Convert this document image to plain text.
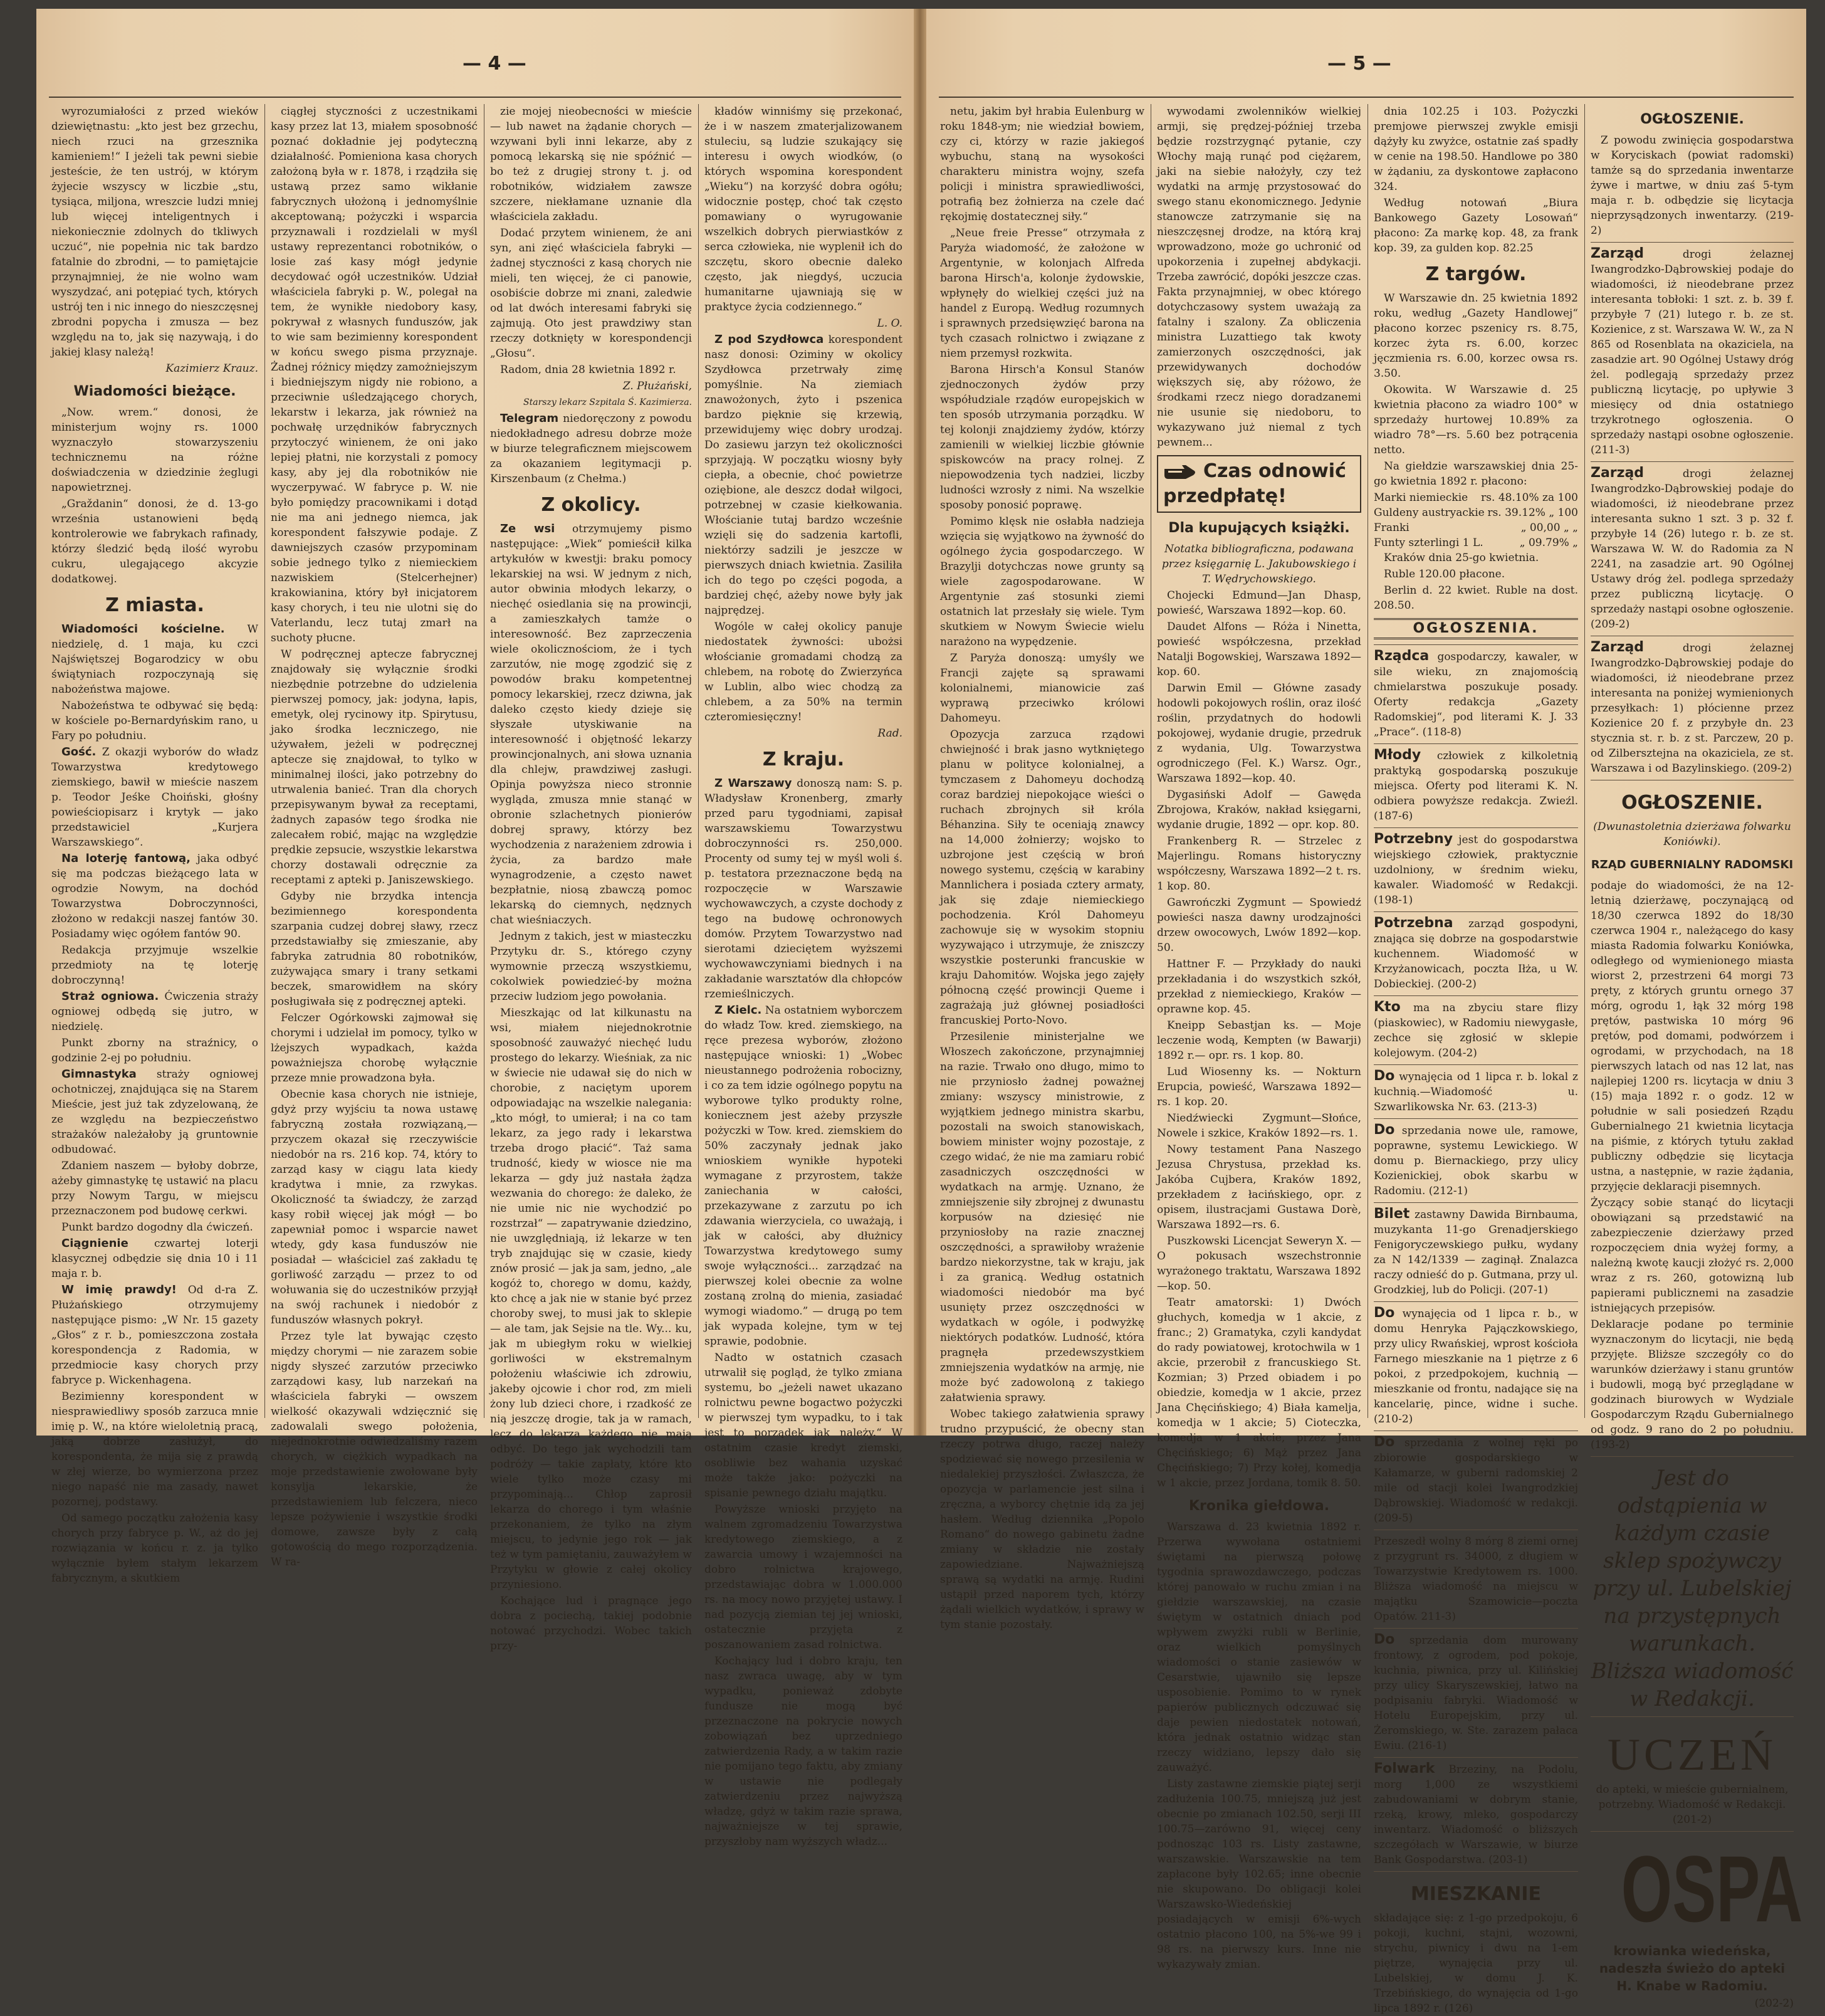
— 4 —

wyrozumiałości z przed wieków dziewiętnastu: „kto jest bez grzechu, niech rzuci na grzesznika kamieniem!“ I jeżeli tak pewni siebie jesteście, że ten ustrój, w którym żyjecie wszyscy w liczbie „stu, tysiąca, miljona, wreszcie ludzi mniej lub więcej inteligentnych i niekoniecznie zdolnych do tkliwych uczuć“, nie popełnia nic tak bardzo fatalnie do zbrodni, — to pamiętajcie przynajmniej, że nie wolno wam wyszydzać, ani potępiać tych, których ustrój ten i nic innego do nieszczęsnej zbrodni popycha i zmusza — bez względu na to, jak się nazywają, i do jakiej klasy należą!

Kazimierz Krauz.

Wiadomości bieżące.

„Now. wrem.“ donosi, że ministerjum wojny rs. 1000 wyznaczyło stowarzyszeniu technicznemu na różne doświadczenia w dziedzinie żeglugi napowietrznej.

„Graždanin“ donosi, że d. 13-go września ustanowieni będą kontrolerowie we fabrykach rafinady, którzy śledzić będą ilość wyrobu cukru, ulegającego akcyzie dodatkowej.

Z miasta.

Wiadomości kościelne. W niedzielę, d. 1 maja, ku czci Najświętszej Bogarodzicy w obu świątyniach rozpoczynają się nabożeństwa majowe.

Nabożeństwa te odbywać się będą: w kościele po-Bernardyńskim rano, u Fary po południu.

Gość. Z okazji wyborów do władz Towarzystwa kredytowego ziemskiego, bawił w mieście naszem p. Teodor Jeśke Choiński, głośny powieściopisarz i krytyk — jako przedstawiciel „Kurjera Warszawskiego“.

Na loterję fantową, jaka odbyć się ma podczas bieżącego lata w ogrodzie Nowym, na dochód Towarzystwa Dobroczynności, złożono w redakcji naszej fantów 30. Posiadamy więc ogółem fantów 90.

Redakcja przyjmuje wszelkie przedmioty na tę loterję dobroczynną!

Straż ogniowa. Ćwiczenia straży ogniowej odbędą się jutro, w niedzielę.

Punkt zborny na straźnicy, o godzinie 2-ej po południu.

Gimnastyka straży ogniowej ochotniczej, znajdująca się na Starem Mieście, jest już tak zdyzelowaną, że ze względu na bezpieczeństwo strażaków należałoby ją gruntownie odbudować.

Zdaniem naszem — byłoby dobrze, ażeby gimnastykę tę ustawić na placu przy Nowym Targu, w miejscu przeznaczonem pod budowę cerkwi.

Punkt bardzo dogodny dla ćwiczeń.

Ciągnienie czwartej loterji klasycznej odbędzie się dnia 10 i 11 maja r. b.

W imię prawdy! Od d-ra Z. Płużańskiego otrzymujemy następujące pismo: „W Nr. 15 gazety „Głos“ z r. b., pomieszczona została korespondencja z Radomia, w przedmiocie kasy chorych przy fabryce p. Wickenhagena.

Bezimienny korespondent w niesprawiedliwy sposób zarzuca mnie imię p. W., na które wieloletnią pracą, jaką dobrze zasłużył, do korespondenta, że mija się z prawdą w złej wierze, bo wymierzona przez niego napaść nie ma zasady, nawet pozornej, podstawy.

Od samego początku założenia kasy chorych przy fabryce p. W., aż do jej rozwiązania w końcu r. z. ja tylko wyłącznie byłem stałym lekarzem fabrycznym, a skutkiem

ciągłej styczności z uczestnikami kasy przez lat 13, miałem sposobność poznać dokładnie jej podyteczną działalność. Pomieniona kasa chorych założoną była w r. 1878, i rządziła się ustawą przez samo wikłanie fabrycznych ułożoną i jednomyślnie akceptowaną; pożyczki i wsparcia przyznawali i rozdzielali w myśl ustawy reprezentanci robotników, o losie zaś kasy mógł jedynie decydować ogół uczestników. Udział właściciela fabryki p. W., polegał na tem, że wynikłe niedobory kasy, pokrywał z własnych funduszów, jak to wie sam bezimienny korespondent w końcu swego pisma przyznaje. Żadnej różnicy między zamożniejszym i biedniejszym nigdy nie robiono, a przeciwnie uśledzającego chorych, lekarstw i lekarza, jak również na pochwałę urzędników fabrycznych przytoczyć winienem, że oni jako lepiej płatni, nie korzystali z pomocy kasy, aby jej dla robotników nie wyczerpywać. W fabryce p. W. nie było pomiędzy pracownikami i dotąd nie ma ani jednego niemca, jak korespondent fałszywie podaje. Z dawniejszych czasów przypominam sobie jednego tylko z niemieckiem nazwiskiem (Stelcerhejner) krakowianina, który był inicjatorem kasy chorych, i teu nie ulotni się do Vaterlandu, lecz tutaj zmarł na suchoty płucne.

W podręcznej aptecze fabrycznej znajdowały się wyłącznie środki niezbędnie potrzebne do udzielenia pierwszej pomocy, jak: jodyna, łapis, emetyk, olej rycinowy itp. Spirytusu, jako środka leczniczego, nie używałem, jeżeli w podręcznej aptecze się znajdował, to tylko w minimalnej ilości, jako potrzebny do utrwalenia banieć. Tran dla chorych przepisywanym bywał za receptami, żadnych zapasów tego środka nie zalecałem robić, mając na względzie prędkie zepsucie, wszystkie lekarstwa chorzy dostawali odręcznie za receptami z apteki p. Janiszewskiego.

Gdyby nie brzydka intencja bezimiennego korespondenta szarpania cudzej dobrej sławy, rzecz przedstawiałby się zmieszanie, aby fabryka zatrudnia 80 robotników, zużywająca smary i trany setkami beczek, smarowidłem na skóry posługiwała się z podręcznej apteki.

Felczer Ogórkowski zajmował się chorymi i udzielał im pomocy, tylko w lżejszych wypadkach, każda poważniejsza chorobę wyłącznie przeze mnie prowadzona była.

Obecnie kasa chorych nie istnieje, gdyż przy wyjściu ta nowa ustawę fabryczną została rozwiązaną,— przyczem okazał się rzeczywiście niedobór na rs. 216 kop. 74, który to zarząd kasy w ciągu lata kiedy kradytwa i mnie, za rzwykas. Okoliczność ta świadczy, że zarząd kasy robił więcej jak mógł — bo zapewniał pomoc i wsparcie nawet wtedy, gdy kasa funduszów nie posiadał — właściciel zaś zakładu tę gorliwość zarządu — przez to od wołuwania się do uczestników przyjął na swój rachunek i niedobór z funduszów własnych pokrył.

Przez tyle lat bywając często między chorymi — nie zarazem sobie nigdy słyszeć zarzutów przeciwko zarządowi kasy, lub narzekań na właściciela fabryki — owszem wielkość okazywali wdzięcznić się zadowalali swego położenia, niejednokrotnie odwiedzaliśmy razem chorych, w ciężkich wypadkach na moje przedstawienie zwołowane były konsylja lekarskie, że przedstawieniem lub felczera, nieco lepsze pożywienie i wszystkie środki domowe, zawsze były z całą gotowością do mego rozporządzenia. W ra-

zie mojej nieobecności w mieście — lub nawet na żądanie chorych — wzywani byli inni lekarze, aby z pomocą lekarską się nie spóźnić — bo też z drugiej strony t. j. od robotników, widziałem zawsze szczere, niekłamane uznanie dla właściciela zakładu.

Dodać przytem winienem, że ani syn, ani zięć właściciela fabryki — żadnej styczności z kasą chorych nie mieli, ten więcej, że ci panowie, osobiście dobrze mi znani, zaledwie od lat dwóch interesami fabryki się zajmują. Oto jest prawdziwy stan rzeczy dotknięty w korespondencji „Głosu“.

Radom, dnia 28 kwietnia 1892 r.

Z. Płużański,

Starszy lekarz Szpitala Ś. Kazimierza.

Telegram niedoręczony z powodu niedokładnego adresu dobrze może w biurze telegraficznem miejscowem za okazaniem legitymacji p. Kirszenbaum (z Chełma.)

Z okolicy.

Ze wsi otrzymujemy pismo następujące: „Wiek“ pomieścił kilka artykułów w kwestji: braku pomocy lekarskiej na wsi. W jednym z nich, autor obwinia młodych lekarzy, o niechęć osiedlania się na prowincji, a zamieszkałych tamże o interesowność. Bez zaprzeczenia wiele okolicznościom, że i tych zarzutów, nie mogę zgodzić się z powodów braku kompetentnej pomocy lekarskiej, rzecz dziwna, jak daleko często kiedy dzieje się słyszałe utyskiwanie na interesowność i objętność lekarzy prowincjonalnych, ani słowa uznania dla chlejw, prawdziwej zasługi. Opinja powyższa nieco stronnie wygląda, zmusza mnie stanąć w obronie szlachetnych pionierów dobrej sprawy, którzy bez wychodzenia z narażeniem zdrowia i życia, za bardzo małe wynagrodzenie, a często nawet bezpłatnie, niosą zbawczą pomoc lekarską do ciemnych, nędznych chat wieśniaczych.

Jednym z takich, jest w miasteczku Przytyku dr. S., którego czyny wymownie przeczą wszystkiemu, cokolwiek powiedzieć-by można przeciw ludziom jego powołania.

Mieszkając od lat kilkunastu na wsi, miałem niejednokrotnie sposobność zauważyć niechęć ludu prostego do lekarzy. Wieśniak, za nic w świecie nie udawał się do nich w chorobie, z naciętym uporem odpowiadając na wszelkie nalegania: „kto mógł, to umierał; i na co tam lekarz, za jego rady i lekarstwa trzeba drogo płacić“. Taż sama trudność, kiedy w wiosce nie ma lekarza — gdy już nastała żądza wezwania do chorego: że daleko, że nie umie nic nie wychodzić po rozstrzał“ — zapatrywanie dziedzino, nie uwzględniają, iż lekarze w ten tryb znajdując się w czasie, kiedy znów prosić — jak ja sam, jedno, „ale kogóż to, chorego w domu, każdy, kto chcę a jak nie w stanie być przez choroby swej, to musi jak to sklepie — ale tam, jak Sejsie na tle. Wy... ku, jak m ubiegłym roku w wielkiej gorliwości w ekstremalnym położeniu właściwie ich zdrowiu, jakeby ojcowie i chor rod, zm mieli żony lub dzieci chore, i rzadkość ze nią jeszczę drogie, tak ja w ramach, lecz do lekarza każdego nie mają odbyć. Do tego jak wychodzili tam podróży — takie zapłaty, które kto wiele tylko może czasy mi przypominają... Chłop zaprosił lekarza do chorego i tym właśnie przekonaniem, że tylko na złym miejscu, to jedynie jego rok — jak też w tym pamiętaniu, zauważyłem w Przytyku w głowie z całej okolicy przyniesiono.

Kochające lud i pragnące jego dobra z pociechą, takiej podobnie notować przychodzi. Wobec takich przy-

kładów winniśmy się przekonać, że i w naszem zmaterjalizowanem stuleciu, są ludzie szukający się interesu i owych wiodków, (o których wspomina korespondent „Wieku“) na korzyść dobra ogółu; widocznie postęp, choć tak często pomawiany o wyrugowanie wszelkich dobrych pierwiastków z serca człowieka, nie wyplenił ich do szczętu, skoro obecnie daleko często, jak niegdyś, uczucia humanitarne ujawniają się w praktyce życia codziennego.“

L. O.

Z pod Szydłowca korespondent nasz donosi: Oziminy w okolicy Szydłowca przetrwały zimę pomyślnie. Na ziemiach znawożonych, żyto i pszenica bardzo pięknie się krzewią, przewidujemy więc dobry urodzaj. Do zasiewu jarzyn też okoliczności sprzyjają. W początku wiosny były ciepła, a obecnie, choć powietrze oziębione, ale deszcz dodał wilgoci, potrzebnej w czasie kiełkowania. Włościanie tutaj bardzo wcześnie wzięli się do sadzenia kartofli, niektórzy sadzili je jeszcze w pierwszych dniach kwietnia. Zasiliła ich do tego po części pogoda, a bardziej chęć, ażeby nowe były jak najprędzej.

Wogóle w całej okolicy panuje niedostatek żywności: ubożsi włościanie gromadami chodzą za chlebem, na robotę do Zwierzyńca w Lublin, albo wiec chodzą za chlebem, a za 50% na termin czteromiesięczny!

Rad.

Z kraju.

Z Warszawy donoszą nam: S. p. Władysław Kronenberg, zmarły przed paru tygodniami, zapisał warszawskiemu Towarzystwu dobroczynności rs. 250,000. Procenty od sumy tej w myśl woli ś. p. testatora przeznaczone będą na rozpoczęcie w Warszawie wychowawczych, a czyste dochody z tego na budowę ochronowych domów. Przytem Towarzystwo nad sierotami dzieciętem wyższemi wychowawczyniami biednych i na zakładanie warsztatów dla chłopców rzemieślniczych.

Z Kielc. Na ostatniem wyborczem do władz Tow. kred. ziemskiego, na ręce prezesa wyborów, złożono następujące wnioski: 1) „Wobec nieustannego podrożenia robocizny, i co za tem idzie ogólnego popytu na wyborowe tylko produkty rolne, koniecznem jest ażeby przyszłe pożyczki w Tow. kred. ziemskiem do 50% zaczynały jednak jako wnioskiem wynikłe hypoteki wymagane z przyrostem, także zaniechania w całości, przekazywane z zarzutu po ich zdawania wierzyciela, co uważają, i jak w całości, aby dłużnicy Towarzystwa kredytowego sumy swoje wyłączności... zarządzać na pierwszej kolei obecnie za wolne zostaną zrolną do mienia, zasiadać wymogi wiadomo.” — drugą po tem jak wypada kolejne, tym w tej sprawie, podobnie.

Nadto w ostatnich czasach utrwalił się pogląd, że tylko zmiana systemu, bo „jeżeli nawet ukazano rolnictwu pewne bogactwo pożyczki w pierwszej tym wypadku, to i tak jest to porządek jak należy.“ W ostatnim czasie kredyt ziemski, osobliwie bez wahania uzyskać może także jako: pożyczki na spisanie pewnego działu majątku.

Powyższe wnioski przyjęto na walnem zgromadzeniu Towarzystwa kredytowego ziemskiego, a z zawarcia umowy i wzajemności na dobro rolnictwa krajowego, przedstawiając dobra w 1.000.000 rs. na mocy nowo przyjętej ustawy. I nad pozycją ziemian tej jej wnioski, ostatecznie przyjęta z poszanowaniem zasad rolnictwa.

Kochający lud i dobro kraju, ten nasz zwraca uwagę, aby w tym wypadku, ponieważ zdobyte fundusze nie mogą być przeznaczone na pokrycie nowych zobowiązań bez uprzedniego zatwierdzenia Rady, a w takim razie nie pomijano tego faktu, aby zmiany w ustawie nie podlegały zatwierdzeniu przez najwyższą władzę, gdyż w takim razie sprawa, najważniejsze w tej sprawie, przyszłoby nam wyższych władz...

— 5 —

netu, jakim był hrabia Eulenburg w roku 1848-ym; nie wiedział bowiem, czy ci, którzy w razie jakiegoś wybuchu, staną na wysokości charakteru ministra wojny, szefa policji i ministra sprawiedliwości, potrafią bez żołnierza na czele dać rękojmię dostatecznej siły.“

„Neue freie Presse“ otrzymała z Paryża wiadomość, że założone w Argentynie, w kolonjach Alfreda barona Hirsch'a, kolonje żydowskie, wpłynęły do wielkiej części już na handel z Europą. Według rozumnych i sprawnych przedsięwzięć barona na tych czasach rolnictwo i związane z niem przemysł rozkwita.

Barona Hirsch'a Konsul Stanów zjednoczonych żydów przy współudziale rządów europejskich w ten sposób utrzymania porządku. W tej kolonji znajdziemy żydów, którzy zamienili w wielkiej liczbie głównie spiskowców na pracy rolnej. Z niepowodzenia tych nadziei, liczby ludności wzrosły z nimi. Na wszelkie sposoby ponosić poprawę.

Pomimo klęsk nie osłabła nadzieja wzięcia się wyjątkowo na żywność do ogólnego życia gospodarczego. W Brazylji dotychczas nowe grunty są wiele zagospodarowane. W Argentynie zaś stosunki ziemi ostatnich lat przesłały się wiele. Tym skutkiem w Nowym Świecie wielu narażono na wypędzenie.

Z Paryża donoszą: umyśly we Francji zajęte są sprawami kolonialnemi, mianowicie zaś wyprawą przeciwko królowi Dahomeyu.

Opozycja zarzuca rządowi chwiejność i brak jasno wytkniętego planu w polityce kolonialnej, a tymczasem z Dahomeyu dochodzą coraz bardziej niepokojące wieści o ruchach zbrojnych sił króla Béhanzina. Siły te oceniają znawcy na 14,000 żołnierzy; wojsko to uzbrojone jest częścią w broń nowego systemu, częścią w karabiny Mannlichera i posiada cztery armaty, jak się zdaje niemieckiego pochodzenia. Król Dahomeyu zachowuje się w wysokim stopniu wyzywająco i utrzymuje, że zniszczy wszystkie posterunki francuskie w kraju Dahomitów. Wojska jego zajęły północną część prowincji Queme i zagrażają już głównej posiadłości francuskiej Porto-Novo.

Przesilenie ministerjalne we Włoszech zakończone, przynajmniej na razie. Trwało ono długo, mimo to nie przyniosło żadnej poważnej zmiany: wszyscy ministrowie, z wyjątkiem jednego ministra skarbu, pozostali na swoich stanowiskach, bowiem minister wojny pozostaje, z czego widać, że nie ma zamiaru robić zasadniczych oszczędności w wydatkach na armję. Uznano, że zmniejszenie siły zbrojnej z dwunastu korpusów na dziesięć nie przyniosłoby na razie znacznej oszczędności, a sprawiłoby wrażenie bardzo niekorzystne, tak w kraju, jak i za granicą. Według ostatnich wiadomości niedobór ma być usunięty przez oszczędności w wydatkach w ogóle, i podwyżkę niektórych podatków. Ludność, która pragnęła przedewszystkiem zmniejszenia wydatków na armję, nie może być zadowoloną z takiego załatwienia sprawy.

Wobec takiego załatwienia sprawy trudno przypuścić, że obecny stan rzeczy potrwa długo, raczej należy spodziewać się nowego przesilenia w niedalekiej przyszłości. Zwłaszcza, że opozycja w parlamencie jest silna i zręczna, a wyborcy chętnie idą za jej hasłem. Według dziennika „Popolo Romano“ do nowego gabinetu żadne zmiany w składzie nie zostały zapowiedziane. Najważniejszą sprawą są wydatki na armję. Rudini ustąpił przed naporem tych, którzy żądali wielkich wydatków, i sprawy w tym stanie pozostały.

wywodami zwolenników wielkiej armji, się prędzej-później trzeba będzie rozstrzygnąć pytanie, czy Włochy mają runąć pod ciężarem, jaki na siebie nałożyły, czy też wydatki na armję przystosować do swego stanu ekonomicznego. Jedynie stanowcze zatrzymanie się na nieszczęsnej drodze, na którą kraj wprowadzono, może go uchronić od upokorzenia i zupełnej abdykacji. Trzeba zawrócić, dopóki jeszcze czas. Fakta przynajmniej, w obec którego dotychczasowy system uważają za fatalny i szalony. Za obliczenia ministra Luzattiego tak kwoty zamierzonych oszczędności, jak przewidywanych dochodów większych się, aby różowo, że środkami rzecz niego doradzanemi nie usunie się niedoboru, to wykazywano już niemal z tych pewnem...

Czas odnowić przedpłatę!
Dla kupujących książki.

Notatka bibliograficzna, podawana przez księgarnię L. Jakubowskiego i T. Wędrychowskiego.

Chojecki Edmund—Jan Dhasp, powieść, Warszawa 1892—kop. 60.

Daudet Alfons — Róża i Ninetta, powieść współczesna, przekład Natalji Bogowskiej, Warszawa 1892—kop. 60.

Darwin Emil — Główne zasady hodowli pokojowych roślin, oraz ilość roślin, przydatnych do hodowli pokojowej, wydanie drugie, przedruk z wydania, Ulg. Towarzystwa ogrodniczego (Fel. K.) Warsz. Ogr., Warszawa 1892—kop. 40.

Dygasiński Adolf — Gawęda Zbrojowa, Kraków, nakład księgarni, wydanie drugie, 1892 — opr. kop. 80.

Frankenberg R. — Strzelec z Majerlingu. Romans historyczny współczesny, Warszawa 1892—2 t. rs. 1 kop. 80.

Gawrończki Zygmunt — Spowiedź powieści nasza dawny urodzajności drzew owocowych, Lwów 1892—kop. 50.

Hattner F. — Przykłady do nauki przekładania i do wszystkich szkół, przekład z niemieckiego, Kraków — oprawne kop. 45.

Kneipp Sebastjan ks. — Moje leczenie wodą, Kempten (w Bawarji) 1892 r.— opr. rs. 1 kop. 80.

Lud Wiosenny ks. — Nokturn Erupcia, powieść, Warszawa 1892—rs. 1 kop. 20.

Niedźwiecki Zygmunt—Słońce, Nowele i szkice, Kraków 1892—rs. 1.

Nowy testament Pana Naszego Jezusa Chrystusa, przekład ks. Jakóba Cujbera, Kraków 1892, przekładem z łacińskiego, opr. z opisem, ilustracjami Gustawa Dorè, Warszawa 1892—rs. 6.

Puszkowski Licencjat Seweryn X. — O pokusach wszechstronnie wyrażonego traktatu, Warszawa 1892—kop. 50.

Teatr amatorski: 1) Dwóch głuchych, komedja w 1 akcie, z franc.; 2) Gramatyka, czyli kandydat do rady powiatowej, krotochwila w 1 akcie, przerobił z francuskiego St. Kozmian; 3) Przed obiadem i po obiedzie, komedja w 1 akcie, przez Jana Chęcińskiego; 4) Biała kamelja, komedja w 1 akcie; 5) Cioteczka, komedja w 1 akcie, przez Jana Chęcińskiego; 6) Mąż przez Jana Chęcińskiego; 7) Przy kołej, komedja w 1 akcie, przez Jordana, tomik 8. 50.

Kronika giełdowa.

Warszawa d. 23 kwietnia 1892 r. Przerwa wywołana ostatniemi świętami na pierwszą połowę tygodnia sprawozdawczego, podczas której panowało w ruchu zmian i na giełdzie warszawskiej, na czasie świętym w ostatnich dniach pod wpływem zwyżki rubli w Berlinie, oraz wielkich pomyślnych wiadomości o stanie zasiewów w Cesarstwie, ujawniło się lepsze usposobienie. Pomimo to w rynek papierów publicznych odczuwać się daje pewien niedostatek notowań, która jednak ostatnio widząc stan rzeczy widziano, lepszy dało się zauważyć.

Listy zastawne ziemskie piątej serji zadłużenia 100.75, mniejszą już jest obecnie po zmianach 102.50, serji III 100.75—zarówno 91, więcej ceny podnosząc 103 rs. Listy zastawne, warszawskie. Warszawskie na tem zapłacone były 102.65; inne obecnie nie skupowano. Do obligacji kolei Warszawsko-Wiedeńskiej posiadających w emisji 6%-wych ostatnio płacono 100, na 5%-we 99 i 98 rs. na pierwszy kurs. Inne nie wykazywały zmian.

dnia 102.25 i 103. Pożyczki premjowe pierwszej zwykle emisji dążyły ku zwyżce, ostatnie zaś spadły w cenie na 198.50. Handlowe po 380 w żądaniu, za dyskontowe zapłacono 324.

Według notowań „Biura Bankowego Gazety Losowań“ płacono: Za markę kop. 48, za frank kop. 39, za gulden kop. 82.25

Z targów.

W Warszawie dn. 25 kwietnia 1892 roku, według „Gazety Handlowej“ płacono korzec pszenicy rs. 8.75, korzec żyta rs. 6.00, korzec jęczmienia rs. 6.00, korzec owsa rs. 3.50.

Okowita. W Warszawie d. 25 kwietnia płacono za wiadro 100° w sprzedaży hurtowej 10.89% za wiadro 78°—rs. 5.60 bez potrącenia netto.

Na giełdzie warszawskiej dnia 25-go kwietnia 1892 r. płacono:

Marki niemieckie rs. 48.10% za 100
Guldeny austryackie rs. 39.12% „ 100
Franki	„ 00,00 „ „
Funty szterlingi 1 L.	„ 09.79% „

Kraków dnia 25-go kwietnia.

Ruble 120.00 płacone.

Berlin d. 22 kwiet. Ruble na dost. 208.50.

OGŁOSZENIA.

Rządca gospodarczy, kawaler, w sile wieku, zn znajomością chmielarstwa poszukuje posady. Oferty redakcja „Gazety Radomskiej“, pod literami K. J. 33 „Prace“. (118-8)

Młody człowiek z kilkoletnią praktyką gospodarską poszukuje miejsca. Oferty pod literami K. N. odbiera powyższe redakcja. Zwieźl. (187-6)

Potrzebny jest do gospodarstwa wiejskiego człowiek, praktycznie uzdolniony, w średnim wieku, kawaler. Wiadomość w Redakcji. (198-1)

Potrzebna zarząd gospodyni, znająca się dobrze na gospodarstwie kuchennem. Wiadomość w Krzyżanowicach, poczta Iłża, u W. Dobieckiej. (200-2)

Kto ma na zbyciu stare flizy (piaskowiec), w Radomiu niewygasłe, zechce się zgłosić w sklepie kolejowym. (204-2)

Do wynajęcia od 1 lipca r. b. lokal z kuchnią.—Wiadomość u. Szwarlikowska Nr. 63. (213-3)

Do sprzedania nowe ule, ramowe, poprawne, systemu Lewickiego. W domu p. Biernackiego, przy ulicy Kozienickiej, obok skarbu w Radomiu. (212-1)

Bilet zastawny Dawida Birnbauma, muzykanta 11-go Grenadjerskiego Fenigoryczewskiego pułku, wydany za N 142/1339 — zaginął. Znalazca raczy odnieść do p. Gutmana, przy ul. Grodzkiej, lub do Policji. (207-1)

Do wynajęcia od 1 lipca r. b., w domu Henryka Pajączkowskiego, przy ulicy Rwańskiej, wprost kościoła Farnego mieszkanie na 1 piętrze z 6 pokoi, z przedpokojem, kuchnią — mieszkanie od frontu, nadające się na kancelarię, pince, widne i suche. (210-2)

Do sprzedania z wolnej ręki po zbiorowie gospodarskiego w Kałamarze, w guberni radomskiej 2 mile od stacji kolei Iwangrodzkiej Dąbrowskiej. Wiadomość w redakcji. (209-5)

Przeszedł wolny 8 mórg 8 ziemi ornej z przygrunt rs. 34000, z długiem w Towarzystwie Kredytowem rs. 1000. Bliższa wiadomość na miejscu w majątku Szamowicie—poczta Opatów. 211-3)

Do sprzedania dom murowany frontowy, z ogrodem, pod pokoje, kuchnia, piwnica, przy ul. Kilińskiej przy ulicy Skaryszewskiej, łatwo na podpisaniu fabryki. Wiadomość w Hotelu Europejskim, przy ul. Żeromskiego, w. Ste. zarazem pałaca Ewiu. (216-1)

Folwark Brzeziny, na Podolu, morg 1,000 ze wszystkiemi zabudowaniami w dobrym stanie, rzeką, krowy, mleko, gospodarczy inwentarz. Wiadomość o bliższych szczegółach w Warszawie, w biurze Bank Gospodarstwa. (203-1)

MIESZKANIE

składające się: z 1-go przedpokoju, 6 pokoji, kuchni, stajni, wozowni, strychu, piwnicy i dwu na 1-em piętrze, wynajęcia przy ul. Lubelskiej, w domu J. K. Trzebińskiego, do wynajęcia od 1-go lipca 1892 r. (126)

OGŁOSZENIE.

Z powodu zwinięcia gospodarstwa w Koryciskach (powiat radomski) tamże są do sprzedania inwentarze żywe i martwe, w dniu zaś 5-tym maja r. b. odbędzie się licytacja nieprzysądzonych inwentarzy. (219-2)

Zarząd	drogi żelaznej Iwangrodzko-Dąbrowskiej podaje do wiadomości, iż nieodebrane przez interesanta tobłoki: 1 szt. z. b. 39 f. przybyłe 7 (21) lutego r. b. ze st. Kozienice, z st. Warszawa W. W., za N 865 od Rosenblata na okaziciela, na zasadzie art. 90 Ogólnej Ustawy dróg żel. podlegają sprzedaży przez publiczną licytację, po upływie 3 miesięcy od dnia ostatniego trzykrotnego ogłoszenia. O sprzedaży nastąpi osobne ogłoszenie. (211-3)

Zarząd	drogi żelaznej Iwangrodzko-Dąbrowskiej podaje do wiadomości, iż nieodebrane przez interesanta sukno 1 szt. 3 p. 32 f. przybyłe 14 (26) lutego r. b. ze st. Warszawa W. W. do Radomia za N 2241, na zasadzie art. 90 Ogólnej Ustawy dróg żel. podlega sprzedaży przez publiczną licytację. O sprzedaży nastąpi osobne ogłoszenie. (209-2)

Zarząd	drogi żelaznej Iwangrodzko-Dąbrowskiej podaje do wiadomości, iż nieodebrane przez interesanta na poniżej wymienionych przesyłkach: 1) płócienne przez Kozienice 20 f. z przybyłe dn. 23 stycznia st. r. b. z st. Parczew, 20 p. od Zilbersztejna na okaziciela, ze st. Warszawa i od Bazylinskiego. (209-2)

OGŁOSZENIE.

(Dwunastoletnia dzierżawa folwarku Koniówki).

RZĄD GUBERNIALNY RADOMSKI

podaje do wiadomości, że na 12-letnią dzierżawę, poczynającą od 18/30 czerwca 1892 do 18/30 czerwca 1904 r., należącego do kasy miasta Radomia folwarku Koniówka, odległego od wymienionego miasta wiorst 2, przestrzeni 64 morgi 73 pręty, z których gruntu ornego 37 mórg, ogrodu 1, łąk 32 mórg 198 prętów, pastwiska 10 mórg 96 prętów, pod domami, podwórzem i ogrodami, w przychodach, na 18 pierwszych latach od nas 12 lat, nas najlepiej 1200 rs. licytacja w dniu 3 (15) maja 1892 r. o godz. 12 w południe w sali posiedzeń Rządu Gubernialnego 21 kwietnia licytacja na piśmie, z których tytułu zakład publiczny odbędzie się licytacja ustna, a następnie, w razie żądania, przyjęcie deklaracji pisemnych.

Życzący sobie stanąć do licytacji obowiązani są przedstawić na zabezpieczenie dzierżawy przed rozpoczęciem dnia wyżej formy, a należną kwotę kaucji złożyć rs. 2,000 wraz z rs. 260, gotowizną lub papierami publicznemi na zasadzie istniejących przepisów.

Deklaracje podane po terminie wyznaczonym do licytacji, nie będą przyjęte. Bliższe szczegóły co do warunków dzierżawy i stanu gruntów i budowli, mogą być przeglądane w godzinach biurowych w Wydziale Gospodarczym Rządu Gubernialnego od godz. 9 rano do 2 po południu. (193-2)

Jest do odstąpienia w każdym czasie sklep spożywczy przy ul. Lubelskiej na przystępnych warunkach. Bliższa wiadomość w Redakcji.
UCZEŃ

do apteki, w mieście gubernialnem, potrzebny. Wiadomość w Redakcji. (201-2)

OSPA

krowianka wiedeńska, nadeszła świeżo do apteki H. Knabe w Radomiu.

(202-2)
